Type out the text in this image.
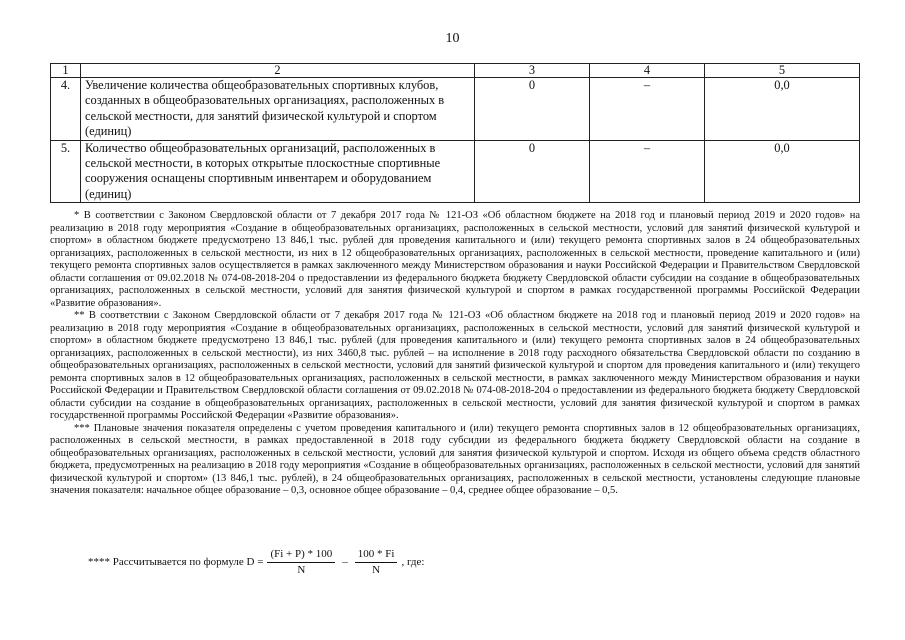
10
1	2	3	4	5
4.	Увеличение количества общеобразовательных спортивных клубов, созданных в общеобразовательных организациях, расположенных в сельской местности, для занятий физической культурой и спортом (единиц)	0	–	0,0
5.	Количество общеобразовательных организаций, расположенных в сельской местности, в которых открытые плоскостные спортивные сооружения оснащены спортивным инвентарем и оборудованием (единиц)	0	–	0,0

* В соответствии с Законом Свердловской области от 7 декабря 2017 года № 121-ОЗ «Об областном бюджете на 2018 год и плановый период 2019 и 2020 годов» на реализацию в 2018 году мероприятия «Создание в общеобразовательных организациях, расположенных в сельской местности, условий для занятий физической культурой и спортом» в областном бюджете предусмотрено 13 846,1 тыс. рублей для проведения капитального и (или) текущего ремонта спортивных залов в 24 общеобразовательных организациях, расположенных в сельской местности, из них в 12 общеобразовательных организациях, расположенных в сельской местности, проведение капитального и (или) текущего ремонта спортивных залов осуществляется в рамках заключенного между Министерством образования и науки Российской Федерации и Правительством Свердловской области соглашения от 09.02.2018 № 074-08-2018-204 о предоставлении из федерального бюджета бюджету Свердловской области субсидии на создание в общеобразовательных организациях, расположенных в сельской местности, условий для занятия физической культурой и спортом в рамках государственной программы Российской Федерации «Развитие образования».

** В соответствии с Законом Свердловской области от 7 декабря 2017 года № 121-ОЗ «Об областном бюджете на 2018 год и плановый период 2019 и 2020 годов» на реализацию в 2018 году мероприятия «Создание в общеобразовательных организациях, расположенных в сельской местности, условий для занятий физической культурой и спортом» в областном бюджете предусмотрено 13 846,1 тыс. рублей (для проведения капитального и (или) текущего ремонта спортивных залов в 24 общеобразовательных организациях, расположенных в сельской местности), из них 3460,8 тыс. рублей – на исполнение в 2018 году расходного обязательства Свердловской области по созданию в общеобразовательных организациях, расположенных в сельской местности, условий для занятий физической культурой и спортом для проведения капитального и (или) текущего ремонта спортивных залов в 12 общеобразовательных организациях, расположенных в сельской местности, в рамках заключенного между Министерством образования и науки Российской Федерации и Правительством Свердловской области соглашения от 09.02.2018 № 074-08-2018-204 о предоставлении из федерального бюджета бюджету Свердловской области субсидии на создание в общеобразовательных организациях, расположенных в сельской местности, условий для занятия физической культурой и спортом в рамках государственной программы Российской Федерации «Развитие образования».

*** Плановые значения показателя определены с учетом проведения капитального и (или) текущего ремонта спортивных залов в 12 общеобразовательных организациях, расположенных в сельской местности, в рамках предоставленной в 2018 году субсидии из федерального бюджета бюджету Свердловской области на создание в общеобразовательных организациях, расположенных в сельской местности, условий для занятия физической культурой и спортом. Исходя из общего объема средств областного бюджета, предусмотренных на реализацию в 2018 году мероприятия «Создание в общеобразовательных организациях, расположенных в сельской местности, условий для занятий физической культурой и спортом» (13 846,1 тыс. рублей), в 24 общеобразовательных организациях, расположенных в сельской местности, установлены следующие плановые значения показателя: начальное общее образование – 0,3, основное общее образование – 0,4, среднее общее образование – 0,5.

**** Рассчитывается по формуле $D = \frac{(Fi + P) * 100}{N} - \frac{100 * Fi}{N}$ , где:
